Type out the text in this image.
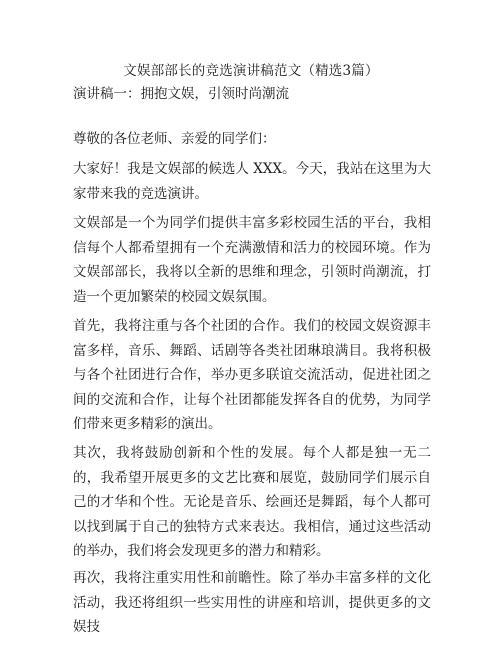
文娱部部长的竞选演讲稿范文（精选3篇）

演讲稿一：拥抱文娱，引领时尚潮流

尊敬的各位老师、亲爱的同学们：

大家好！我是文娱部的候选人 XXX。今天，我站在这里为大家带来我的竞选演讲。

文娱部是一个为同学们提供丰富多彩校园生活的平台，我相信每个人都希望拥有一个充满激情和活力的校园环境。作为文娱部部长，我将以全新的思维和理念，引领时尚潮流，打造一个更加繁荣的校园文娱氛围。

首先，我将注重与各个社团的合作。我们的校园文娱资源丰富多样，音乐、舞蹈、话剧等各类社团琳琅满目。我将积极与各个社团进行合作，举办更多联谊交流活动，促进社团之间的交流和合作，让每个社团都能发挥各自的优势，为同学们带来更多精彩的演出。

其次，我将鼓励创新和个性的发展。每个人都是独一无二的，我希望开展更多的文艺比赛和展览，鼓励同学们展示自己的才华和个性。无论是音乐、绘画还是舞蹈，每个人都可以找到属于自己的独特方式来表达。我相信，通过这些活动的举办，我们将会发现更多的潜力和精彩。

再次，我将注重实用性和前瞻性。除了举办丰富多样的文化活动，我还将组织一些实用性的讲座和培训，提供更多的文娱技
